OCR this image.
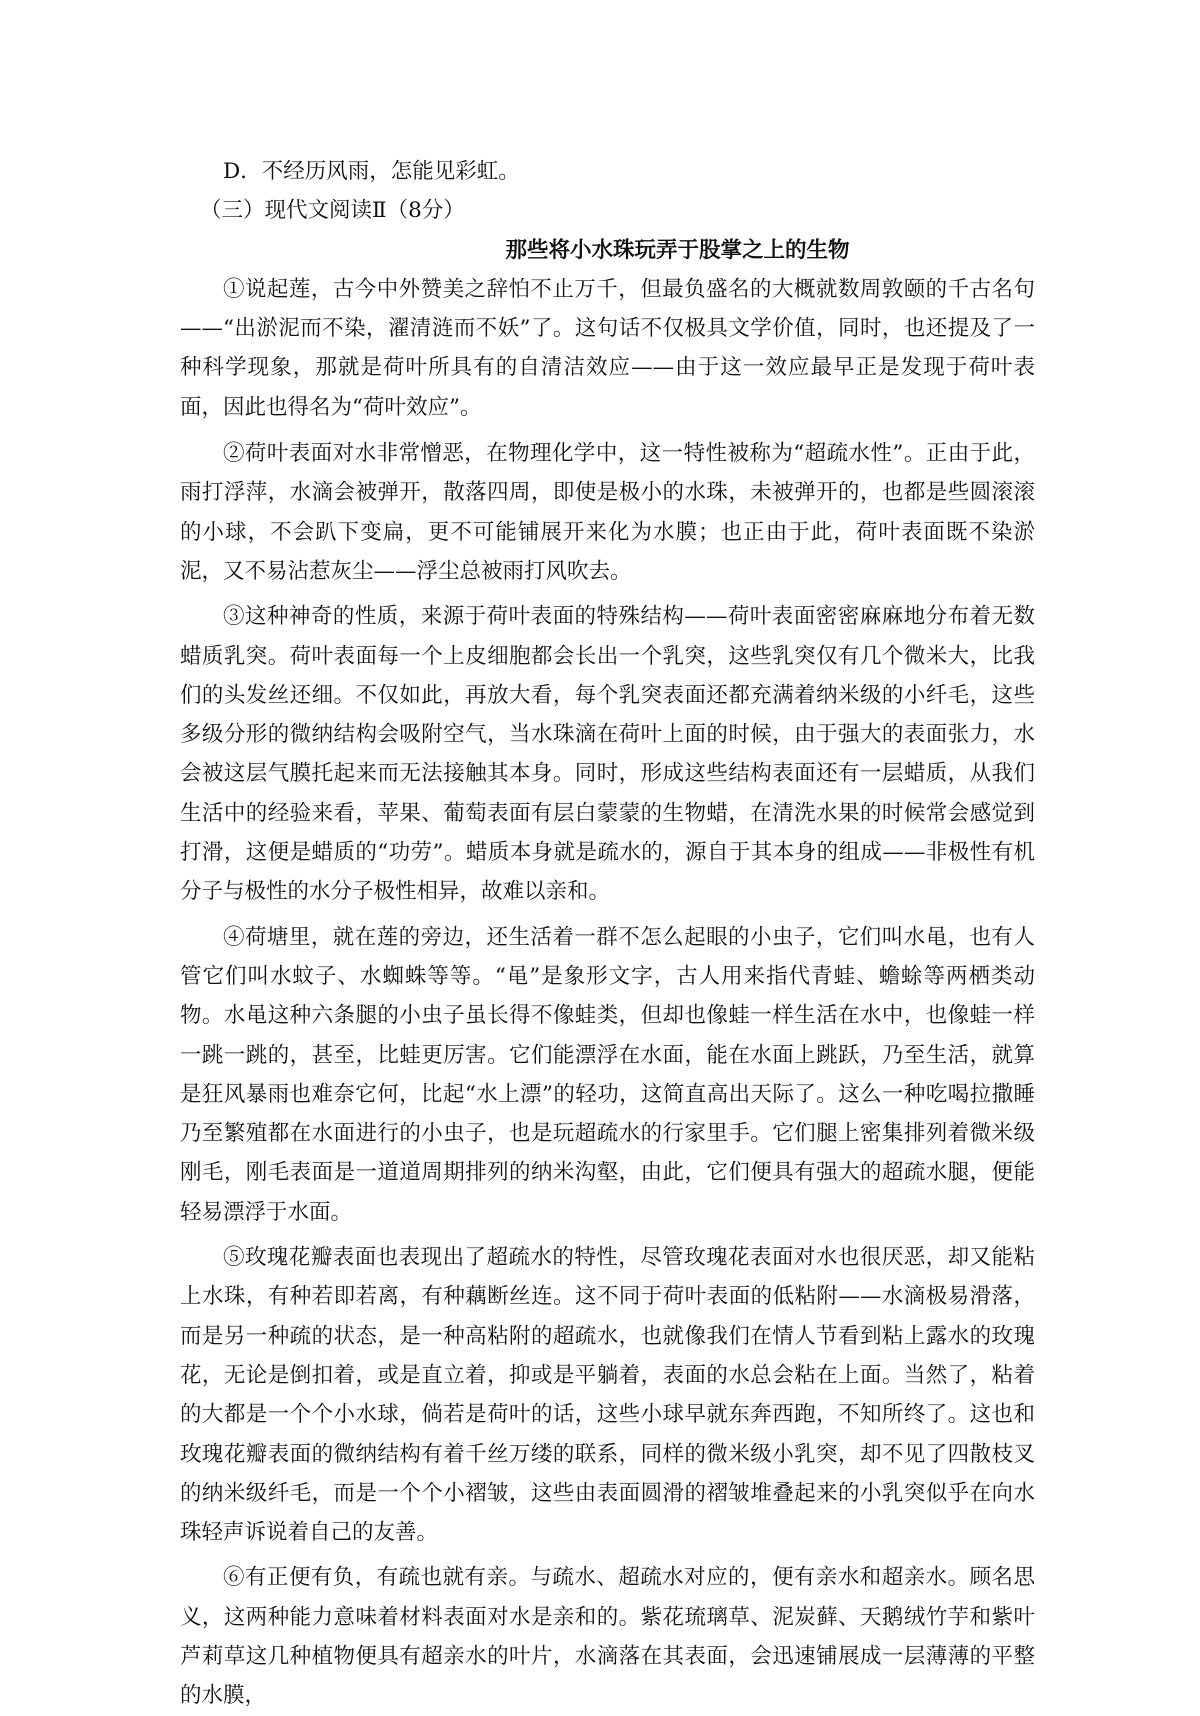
D．不经历风雨，怎能见彩虹。

（三）现代文阅读Ⅱ（8分）

那些将小水珠玩弄于股掌之上的生物

①说起莲，古今中外赞美之辞怕不止万千，但最负盛名的大概就数周敦颐的千古名句——“出淤泥而不染，濯清涟而不妖”了。这句话不仅极具文学价值，同时，也还提及了一种科学现象，那就是荷叶所具有的自清洁效应——由于这一效应最早正是发现于荷叶表面，因此也得名为“荷叶效应”。

②荷叶表面对水非常憎恶，在物理化学中，这一特性被称为“超疏水性”。正由于此，雨打浮萍，水滴会被弹开，散落四周，即使是极小的水珠，未被弹开的，也都是些圆滚滚的小球，不会趴下变扁，更不可能铺展开来化为水膜；也正由于此，荷叶表面既不染淤泥，又不易沾惹灰尘——浮尘总被雨打风吹去。

③这种神奇的性质，来源于荷叶表面的特殊结构——荷叶表面密密麻麻地分布着无数蜡质乳突。荷叶表面每一个上皮细胞都会长出一个乳突，这些乳突仅有几个微米大，比我们的头发丝还细。不仅如此，再放大看，每个乳突表面还都充满着纳米级的小纤毛，这些多级分形的微纳结构会吸附空气，当水珠滴在荷叶上面的时候，由于强大的表面张力，水会被这层气膜托起来而无法接触其本身。同时，形成这些结构表面还有一层蜡质，从我们生活中的经验来看，苹果、葡萄表面有层白蒙蒙的生物蜡，在清洗水果的时候常会感觉到打滑，这便是蜡质的“功劳”。蜡质本身就是疏水的，源自于其本身的组成——非极性有机分子与极性的水分子极性相异，故难以亲和。

④荷塘里，就在莲的旁边，还生活着一群不怎么起眼的小虫子，它们叫水黾，也有人管它们叫水蚊子、水蜘蛛等等。“黾”是象形文字，古人用来指代青蛙、蟾蜍等两栖类动物。水黾这种六条腿的小虫子虽长得不像蛙类，但却也像蛙一样生活在水中，也像蛙一样一跳一跳的，甚至，比蛙更厉害。它们能漂浮在水面，能在水面上跳跃，乃至生活，就算是狂风暴雨也难奈它何，比起“水上漂”的轻功，这简直高出天际了。这么一种吃喝拉撒睡乃至繁殖都在水面进行的小虫子，也是玩超疏水的行家里手。它们腿上密集排列着微米级刚毛，刚毛表面是一道道周期排列的纳米沟壑，由此，它们便具有强大的超疏水腿，便能轻易漂浮于水面。

⑤玫瑰花瓣表面也表现出了超疏水的特性，尽管玫瑰花表面对水也很厌恶，却又能粘上水珠，有种若即若离，有种藕断丝连。这不同于荷叶表面的低粘附——水滴极易滑落，而是另一种疏的状态，是一种高粘附的超疏水，也就像我们在情人节看到粘上露水的玫瑰花，无论是倒扣着，或是直立着，抑或是平躺着，表面的水总会粘在上面。当然了，粘着的大都是一个个小水球，倘若是荷叶的话，这些小球早就东奔西跑，不知所终了。这也和玫瑰花瓣表面的微纳结构有着千丝万缕的联系，同样的微米级小乳突，却不见了四散枝叉的纳米级纤毛，而是一个个小褶皱，这些由表面圆滑的褶皱堆叠起来的小乳突似乎在向水珠轻声诉说着自己的友善。

⑥有正便有负，有疏也就有亲。与疏水、超疏水对应的，便有亲水和超亲水。顾名思义，这两种能力意味着材料表面对水是亲和的。紫花琉璃草、泥炭藓、天鹅绒竹芋和紫叶芦莉草这几种植物便具有超亲水的叶片，水滴落在其表面，会迅速铺展成一层薄薄的平整的水膜，
